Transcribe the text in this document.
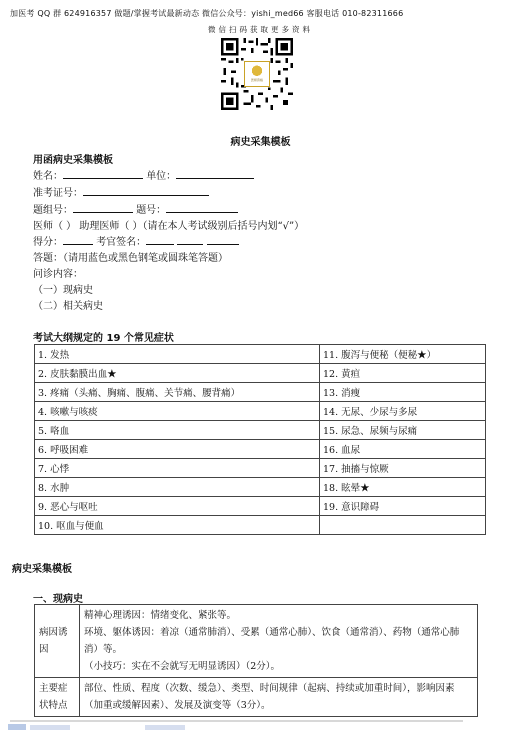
加医考 QQ 群 624916357 做题/掌握考试最新动态 微信公众号：yishi_med66 客服电话 010-82311666
微信扫码获取更多资料
医师资格
病史采集模板
用函病史采集模板
姓名：	单位：
准考证号：
题组号：	题号：
医师（ ） 助理医师（ ）（请在本人考试级别后括号内划“√”）
得分：	考官签名：
答题：（请用蓝色或黑色钢笔或圆珠笔答题）
问诊内容：
（一）现病史
（二）相关病史
考试大纲规定的 19 个常见症状
1. 发热	11. 腹泻与便秘（便秘★）
2. 皮肤黏膜出血★	12. 黄疸
3. 疼痛（头痛、胸痛、腹痛、关节痛、腰背痛）	13. 消瘦
4. 咳嗽与咳痰	14. 无尿、少尿与多尿
5. 咯血	15. 尿急、尿频与尿痛
6. 呼吸困难	16. 血尿
7. 心悸	17. 抽搐与惊厥
8. 水肿	18. 眩晕★
9. 恶心与呕吐	19. 意识障碍
10. 呕血与便血	
病史采集模板
一、现病史
病因诱因	精神心理诱因：情绪变化、紧张等。
环境、躯体诱因：着凉（通常肺消）、受累（通常心肺）、饮食（通常消）、药物（通常心肺消）等。
（小技巧：实在不会就写无明显诱因）（2分）。

主要症状特点	部位、性质、程度（次数、缓急）、类型、时间规律（起病、持续或加重时间），影响因素（加重或缓解因素）、发展及演变等（3分）。
